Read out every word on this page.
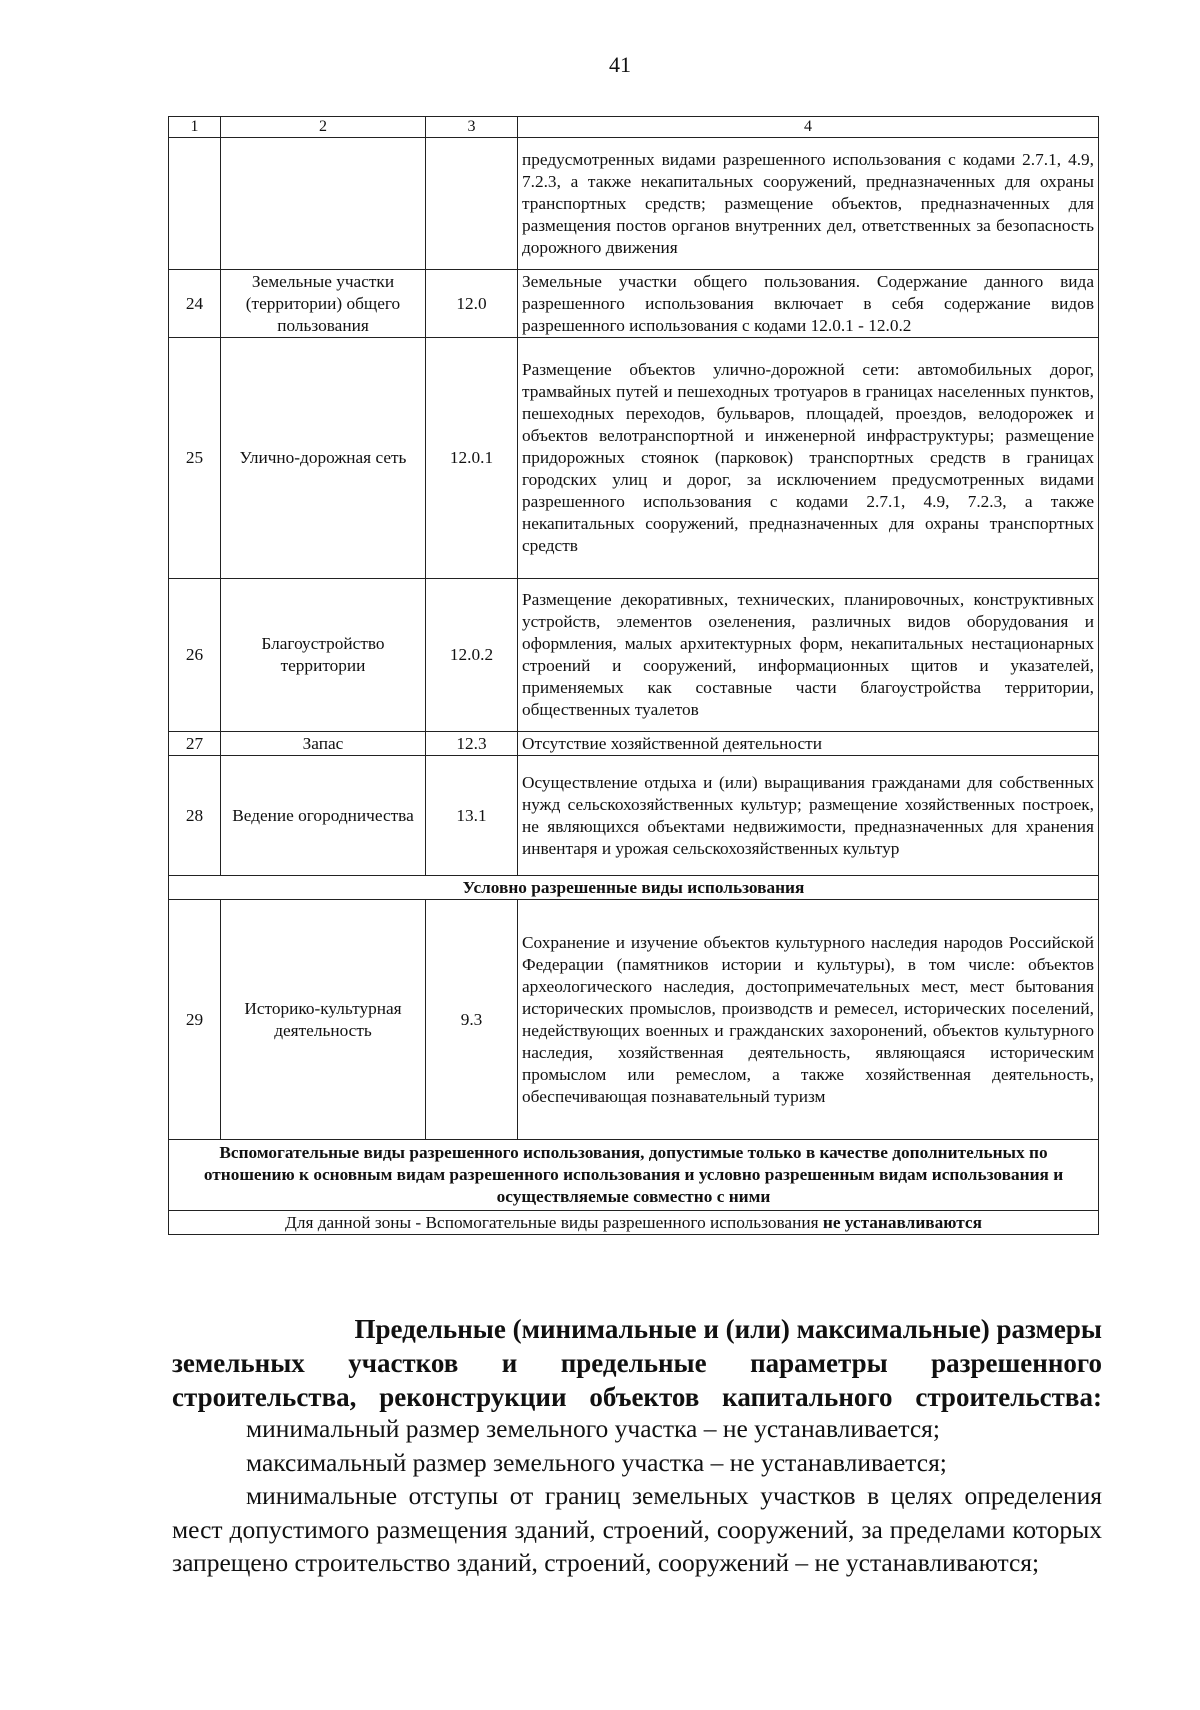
41
1	2	3	4
			предусмотренных видами разрешенного использования с кодами 2.7.1, 4.9, 7.2.3, а также некапитальных сооружений, предназначенных для охраны транспортных средств; размещение объектов, предназначенных для размещения постов органов внутренних дел, ответственных за безопасность дорожного движения
24	Земельные участки (территории) общего пользования	12.0	Земельные участки общего пользования. Содержание данного вида разрешенного использования включает в себя содержание видов разрешенного использования с кодами 12.0.1 - 12.0.2
25	Улично-дорожная сеть	12.0.1	Размещение объектов улично-дорожной сети: автомобильных дорог, трамвайных путей и пешеходных тротуаров в границах населенных пунктов, пешеходных переходов, бульваров, площадей, проездов, велодорожек и объектов велотранспортной и инженерной инфраструктуры; размещение придорожных стоянок (парковок) транспортных средств в границах городских улиц и дорог, за исключением предусмотренных видами разрешенного использования с кодами 2.7.1, 4.9, 7.2.3, а также некапитальных сооружений, предназначенных для охраны транспортных средств
26	Благоустройство территории	12.0.2	Размещение декоративных, технических, планировочных, конструктивных устройств, элементов озеленения, различных видов оборудования и оформления, малых архитектурных форм, некапитальных нестационарных строений и сооружений, информационных щитов и указателей, применяемых как составные части благоустройства территории, общественных туалетов
27	Запас	12.3	Отсутствие хозяйственной деятельности
28	Ведение огородничества	13.1	Осуществление отдыха и (или) выращивания гражданами для собственных нужд сельскохозяйственных культур; размещение хозяйственных построек, не являющихся объектами недвижимости, предназначенных для хранения инвентаря и урожая сельскохозяйственных культур
Условно разрешенные виды использования			
29	Историко-культурная деятельность	9.3	Сохранение и изучение объектов культурного наследия народов Российской Федерации (памятников истории и культуры), в том числе: объектов археологического наследия, достопримечательных мест, мест бытования исторических промыслов, производств и ремесел, исторических поселений, недействующих военных и гражданских захоронений, объектов культурного наследия, хозяйственная деятельность, являющаяся историческим промыслом или ремеслом, а также хозяйственная деятельность, обеспечивающая познавательный туризм
Вспомогательные виды разрешенного использования, допустимые только в качестве дополнительных по отношению к основным видам разрешенного использования и условно разрешенным видам использования и осуществляемые совместно с ними			
Для данной зоны - Вспомогательные виды разрешенного использования не устанавливаются			
Предельные (минимальные и (или) максимальные) размеры
земельных участков и предельные параметры разрешенного
строительства, реконструкции объектов капитального строительства:

минимальный размер земельного участка – не устанавливается;

максимальный размер земельного участка – не устанавливается;

минимальные отступы от границ земельных участков в целях определения мест допустимого размещения зданий, строений, сооружений, за пределами которых запрещено строительство зданий, строений, сооружений – не устанавливаются;
